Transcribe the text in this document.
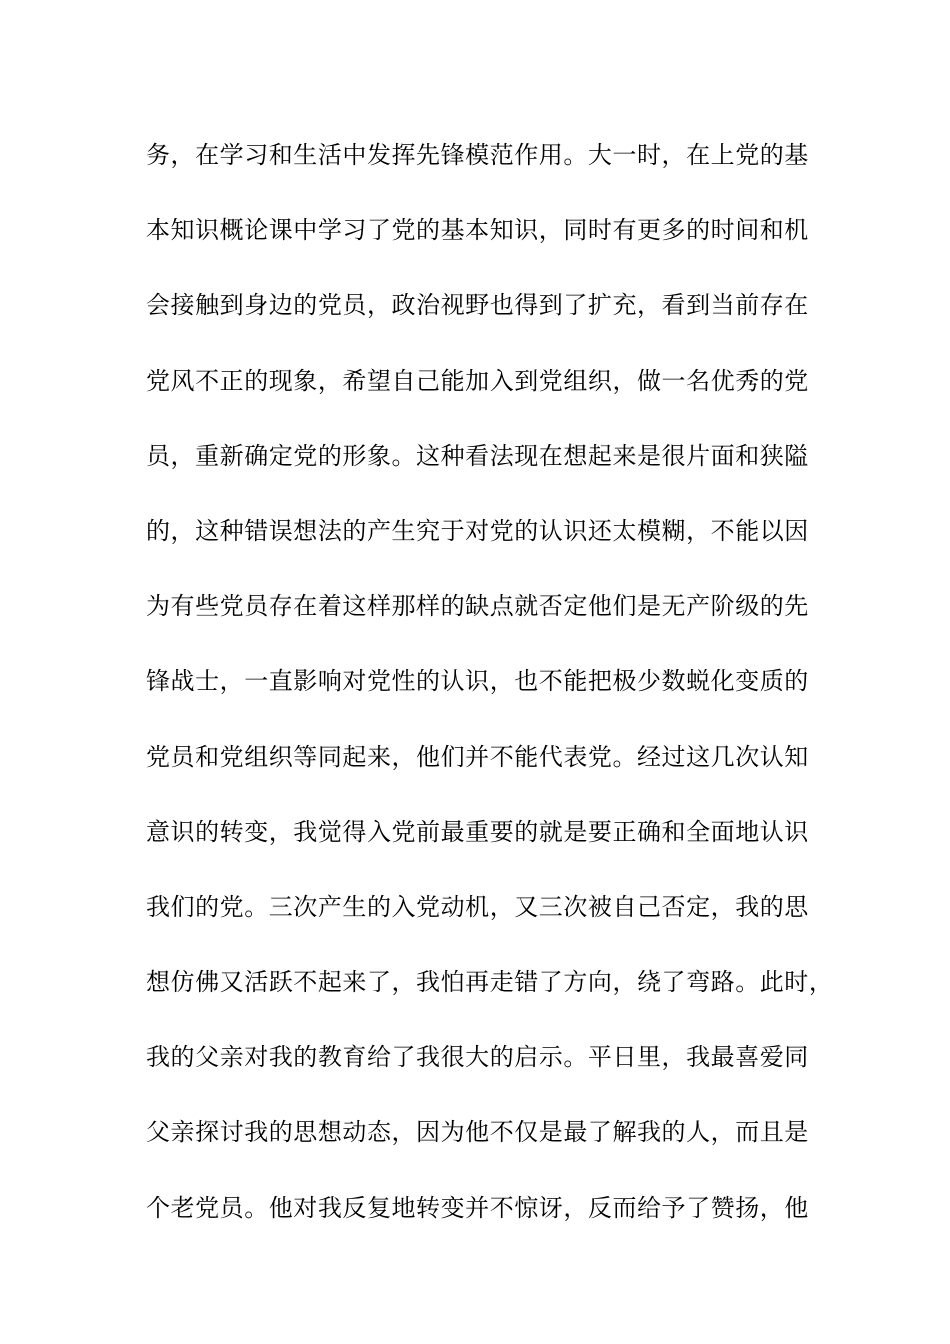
务，在学习和生活中发挥先锋模范作用。大一时，在上党的基
本知识概论课中学习了党的基本知识，同时有更多的时间和机
会接触到身边的党员，政治视野也得到了扩充，看到当前存在
党风不正的现象，希望自己能加入到党组织，做一名优秀的党
员，重新确定党的形象。这种看法现在想起来是很片面和狭隘
的，这种错误想法的产生究于对党的认识还太模糊，不能以因
为有些党员存在着这样那样的缺点就否定他们是无产阶级的先
锋战士，一直影响对党性的认识，也不能把极少数蜕化变质的
党员和党组织等同起来，他们并不能代表党。经过这几次认知
意识的转变，我觉得入党前最重要的就是要正确和全面地认识
我们的党。三次产生的入党动机，又三次被自己否定，我的思
想仿佛又活跃不起来了，我怕再走错了方向，绕了弯路。此时，
我的父亲对我的教育给了我很大的启示。平日里，我最喜爱同
父亲探讨我的思想动态，因为他不仅是最了解我的人，而且是
个老党员。他对我反复地转变并不惊讶，反而给予了赞扬，他
